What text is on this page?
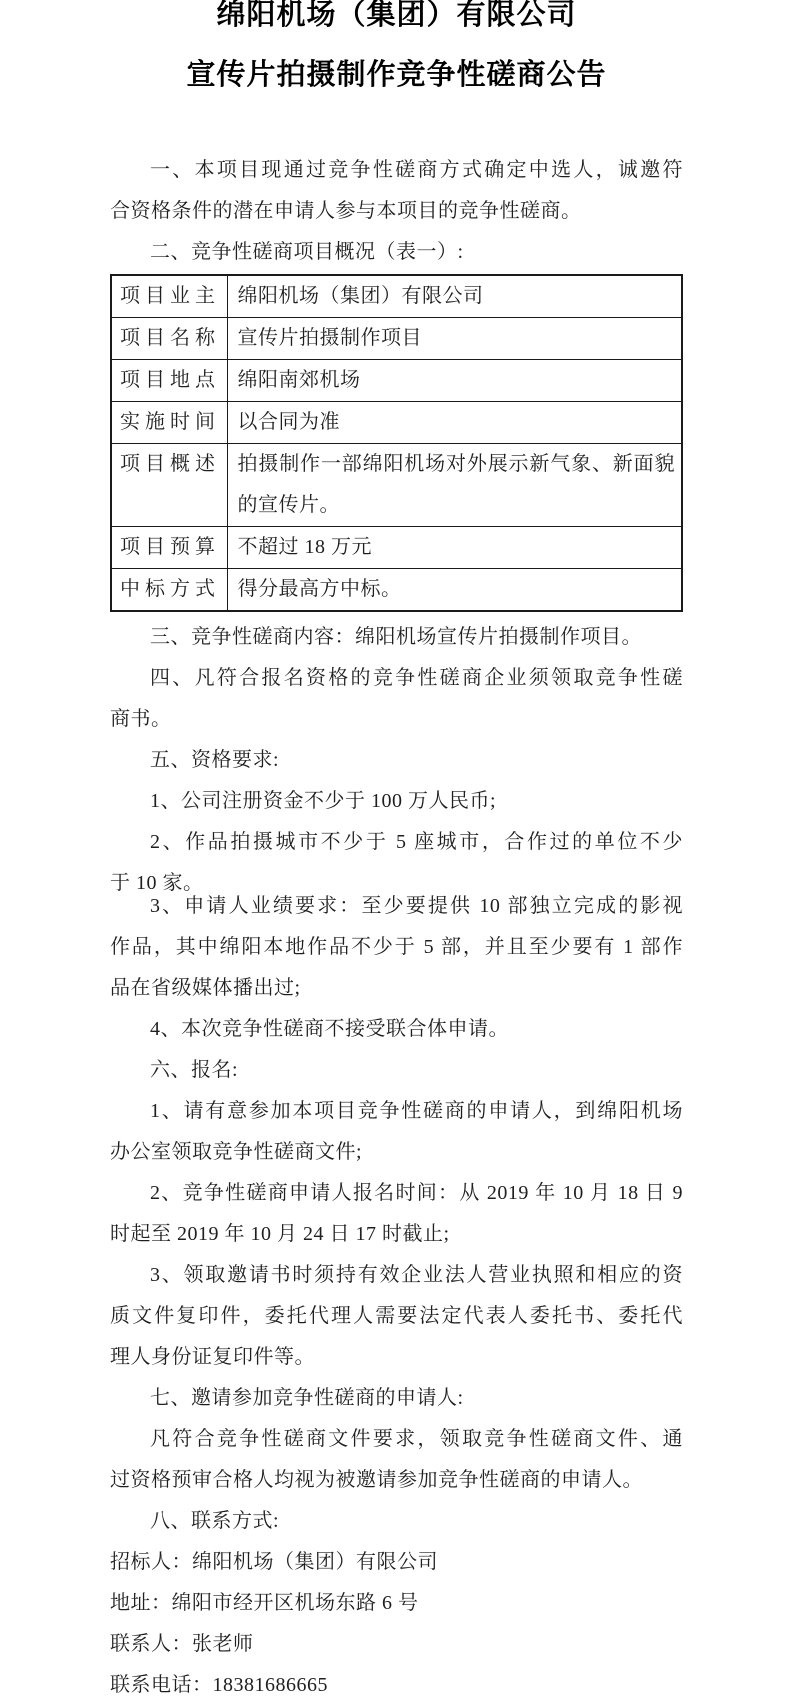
绵阳机场（集团）有限公司
宣传片拍摄制作竞争性磋商公告
一、本项目现通过竞争性磋商方式确定中选人，诚邀符
合资格条件的潜在申请人参与本项目的竞争性磋商。
二、竞争性磋商项目概况（表一）:
项目业主	绵阳机场（集团）有限公司

项目名称	宣传片拍摄制作项目

项目地点	绵阳南郊机场

实施时间	以合同为准

项目概述	拍摄制作一部绵阳机场对外展示新气象、新面貌
的宣传片。

项目预算	不超过 18 万元

中标方式	得分最高方中标。
三、竞争性磋商内容：绵阳机场宣传片拍摄制作项目。
四、凡符合报名资格的竞争性磋商企业须领取竞争性磋
商书。
五、资格要求:
1、公司注册资金不少于 100 万人民币;
2、作品拍摄城市不少于 5 座城市，合作过的单位不少
于 10 家。
3、申请人业绩要求：至少要提供 10 部独立完成的影视
作品，其中绵阳本地作品不少于 5 部，并且至少要有 1 部作
品在省级媒体播出过;
4、本次竞争性磋商不接受联合体申请。
六、报名:
1、请有意参加本项目竞争性磋商的申请人，到绵阳机场
办公室领取竞争性磋商文件;
2、竞争性磋商申请人报名时间：从 2019 年 10 月 18 日 9
时起至 2019 年 10 月 24 日 17 时截止;
3、领取邀请书时须持有效企业法人营业执照和相应的资
质文件复印件，委托代理人需要法定代表人委托书、委托代
理人身份证复印件等。
七、邀请参加竞争性磋商的申请人:
凡符合竞争性磋商文件要求，领取竞争性磋商文件、通
过资格预审合格人均视为被邀请参加竞争性磋商的申请人。
八、联系方式:
招标人：绵阳机场（集团）有限公司
地址：绵阳市经开区机场东路 6 号
联系人：张老师
联系电话：18381686665
